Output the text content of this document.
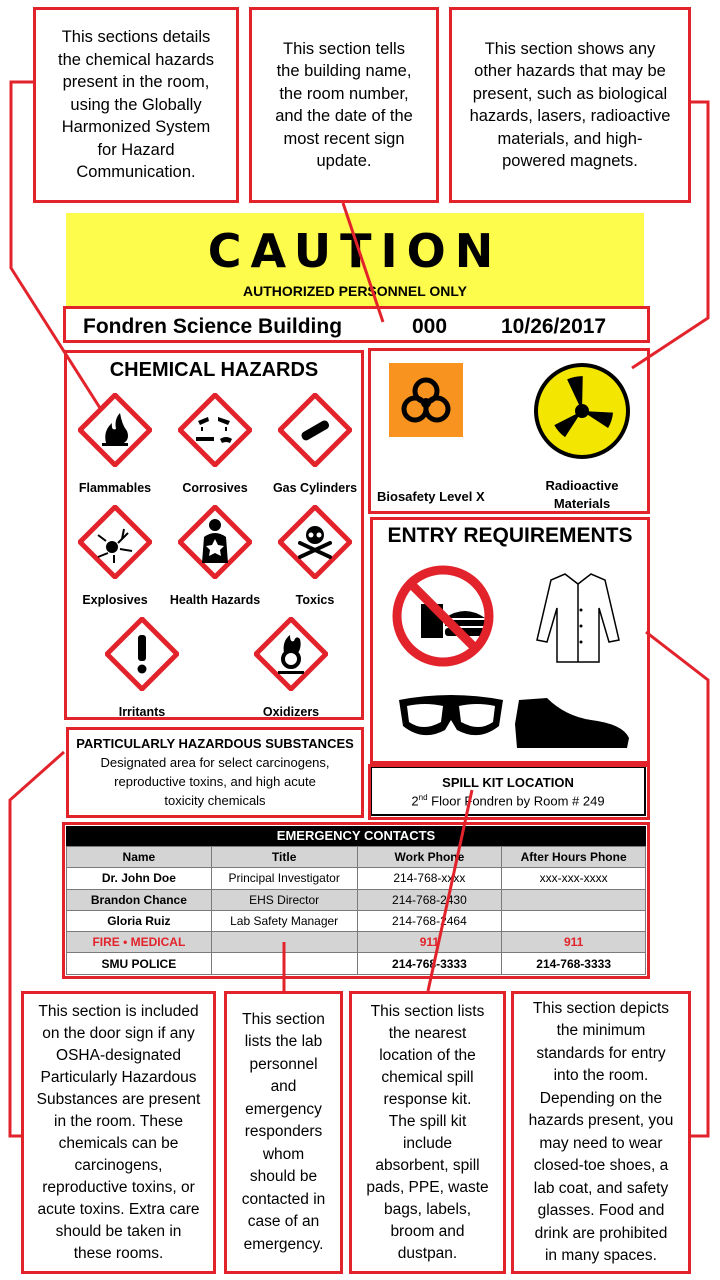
This sections details
the chemical hazards
present in the room,
using the Globally
Harmonized System
for Hazard
Communication.
This section tells
the building name,
the room number,
and the date of the
most recent sign
update.
This section shows any
other hazards that may be
present, such as biological
hazards, lasers, radioactive
materials, and high-
powered magnets.
CAUTION
AUTHORIZED PERSONNEL ONLY
Fondren Science Building	000	10/26/2017
CHEMICAL HAZARDS
Flammables	Corrosives	Gas Cylinders
Explosives	Health Hazards	Toxics
Irritants	Oxidizers
Biosafety Level X
Radioactive
Materials
ENTRY REQUIREMENTS
PARTICULARLY HAZARDOUS SUBSTANCES
Designated area for select carcinogens,
reproductive toxins, and high acute
toxicity chemicals
SPILL KIT LOCATION
2nd Floor Fondren by Room # 249
EMERGENCY CONTACTS
Name	Title	Work Phone	After Hours Phone
Dr. John Doe	Principal Investigator	214-768-xxxx	xxx-xxx-xxxx
Brandon Chance	EHS Director	214-768-2430	
Gloria Ruiz	Lab Safety Manager	214-768-2464	
FIRE • MEDICAL		911	911
SMU POLICE		214-768-3333	214-768-3333
This section is included
on the door sign if any
OSHA-designated
Particularly Hazardous
Substances are present
in the room. These
chemicals can be
carcinogens,
reproductive toxins, or
acute toxins. Extra care
should be taken in
these rooms.
This section
lists the lab
personnel
and
emergency
responders
whom
should be
contacted in
case of an
emergency.
This section lists
the nearest
location of the
chemical spill
response kit.
The spill kit
include
absorbent, spill
pads, PPE, waste
bags, labels,
broom and
dustpan.
This section depicts
the minimum
standards for entry
into the room.
Depending on the
hazards present, you
may need to wear
closed-toe shoes, a
lab coat, and safety
glasses. Food and
drink are prohibited
in many spaces.
